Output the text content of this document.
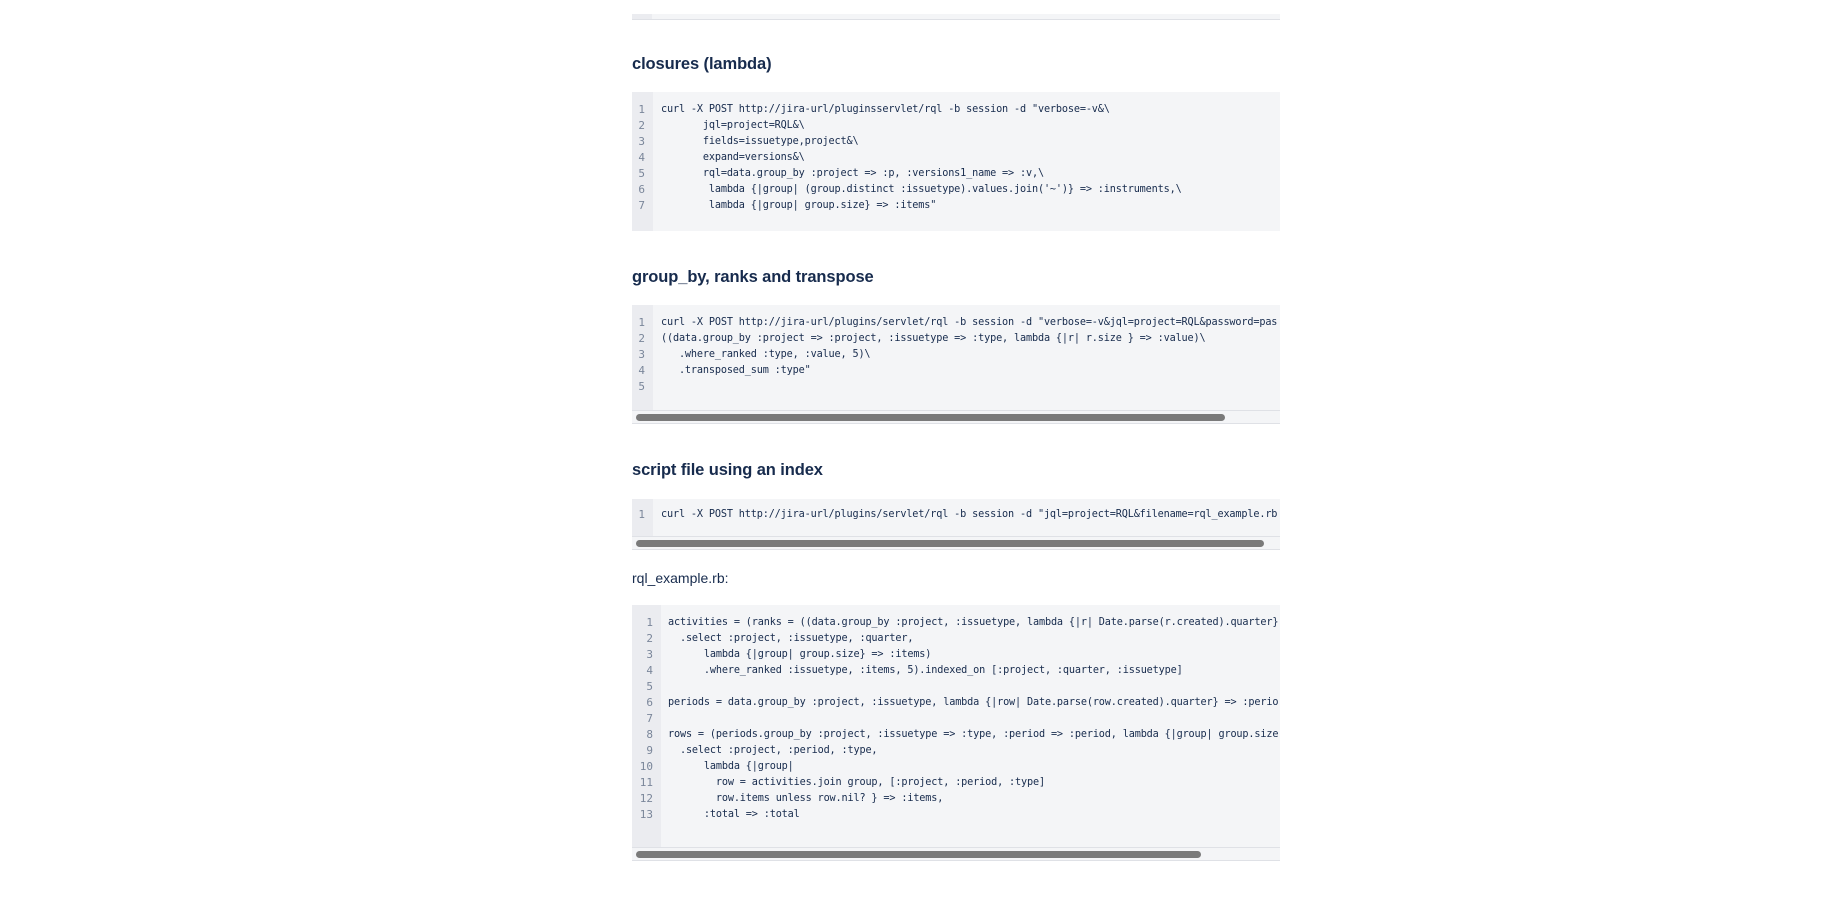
closures (lambda)
1
2
3
4
5
6
7
curl -X POST http://jira-url/pluginsservlet/rql -b session -d "verbose=-v&\
jql=project=RQL&\
fields=issuetype,project&\
expand=versions&\
rql=data.group_by :project => :p, :versions1_name => :v,\
lambda {|group| (group.distinct :issuetype).values.join('~')} => :instruments,\
lambda {|group| group.size} => :items"
group_by, ranks and transpose
1
2
3
4
5
curl -X POST http://jira-url/plugins/servlet/rql -b session -d "verbose=-v&jql=project=RQL&password=pas
((data.group_by :project => :project, :issuetype => :type, lambda {|r| r.size } => :value)\
.where_ranked :type, :value, 5)\
.transposed_sum :type"
script file using an index
1 curl -X POST http://jira-url/plugins/servlet/rql -b session -d "jql=project=RQL&filename=rql_example.rb

rql_example.rb:

1
2
3
4
5
6
7
8
9
10
11
12
13
activities = (ranks = ((data.group_by :project, :issuetype, lambda {|r| Date.parse(r.created).quarter}
.select :project, :issuetype, :quarter,
lambda {|group| group.size} => :items)
.where_ranked :issuetype, :items, 5).indexed_on [:project, :quarter, :issuetype]
periods = data.group_by :project, :issuetype, lambda {|row| Date.parse(row.created).quarter} => :perio
rows = (periods.group_by :project, :issuetype => :type, :period => :period, lambda {|group| group.size
.select :project, :period, :type,
lambda {|group|
row = activities.join group, [:project, :period, :type]
row.items unless row.nil? } => :items,
:total => :total
